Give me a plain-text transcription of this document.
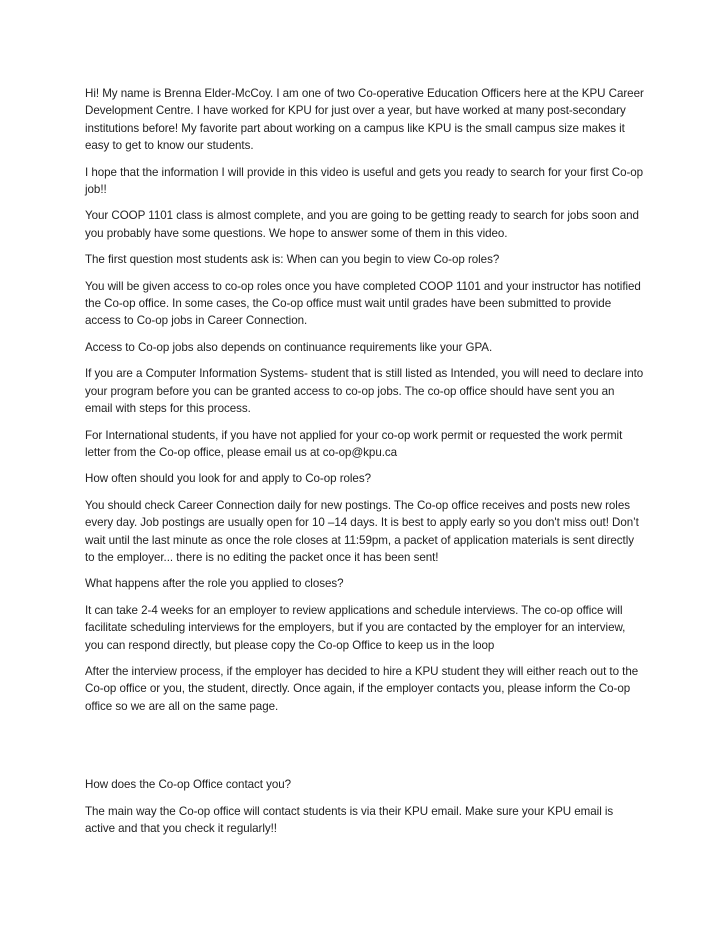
Hi! My name is Brenna Elder-McCoy. I am one of two Co-operative Education Officers here at the KPU Career Development Centre. I have worked for KPU for just over a year, but have worked at many post-secondary institutions before! My favorite part about working on a campus like KPU is the small campus size makes it easy to get to know our students.

I hope that the information I will provide in this video is useful and gets you ready to search for your first Co-op job!!

Your COOP 1101 class is almost complete, and you are going to be getting ready to search for jobs soon and you probably have some questions. We hope to answer some of them in this video.

The first question most students ask is: When can you begin to view Co-op roles?

You will be given access to co-op roles once you have completed COOP 1101 and your instructor has notified the Co-op office. In some cases, the Co-op office must wait until grades have been submitted to provide access to Co-op jobs in Career Connection.

Access to Co-op jobs also depends on continuance requirements like your GPA.

If you are a Computer Information Systems- student that is still listed as Intended, you will need to declare into your program before you can be granted access to co-op jobs. The co-op office should have sent you an email with steps for this process.

For International students, if you have not applied for your co-op work permit or requested the work permit letter from the Co-op office, please email us at co-op@kpu.ca

How often should you look for and apply to Co-op roles?

You should check Career Connection daily for new postings. The Co-op office receives and posts new roles every day. Job postings are usually open for 10 –14 days. It is best to apply early so you don't miss out! Don’t wait until the last minute as once the role closes at 11:59pm, a packet of application materials is sent directly to the employer... there is no editing the packet once it has been sent!

What happens after the role you applied to closes?

It can take 2-4 weeks for an employer to review applications and schedule interviews. The co-op office will facilitate scheduling interviews for the employers, but if you are contacted by the employer for an interview, you can respond directly, but please copy the Co-op Office to keep us in the loop

After the interview process, if the employer has decided to hire a KPU student they will either reach out to the Co-op office or you, the student, directly. Once again, if the employer contacts you, please inform the Co-op office so we are all on the same page.

How does the Co-op Office contact you?

The main way the Co-op office will contact students is via their KPU email. Make sure your KPU email is active and that you check it regularly!!
